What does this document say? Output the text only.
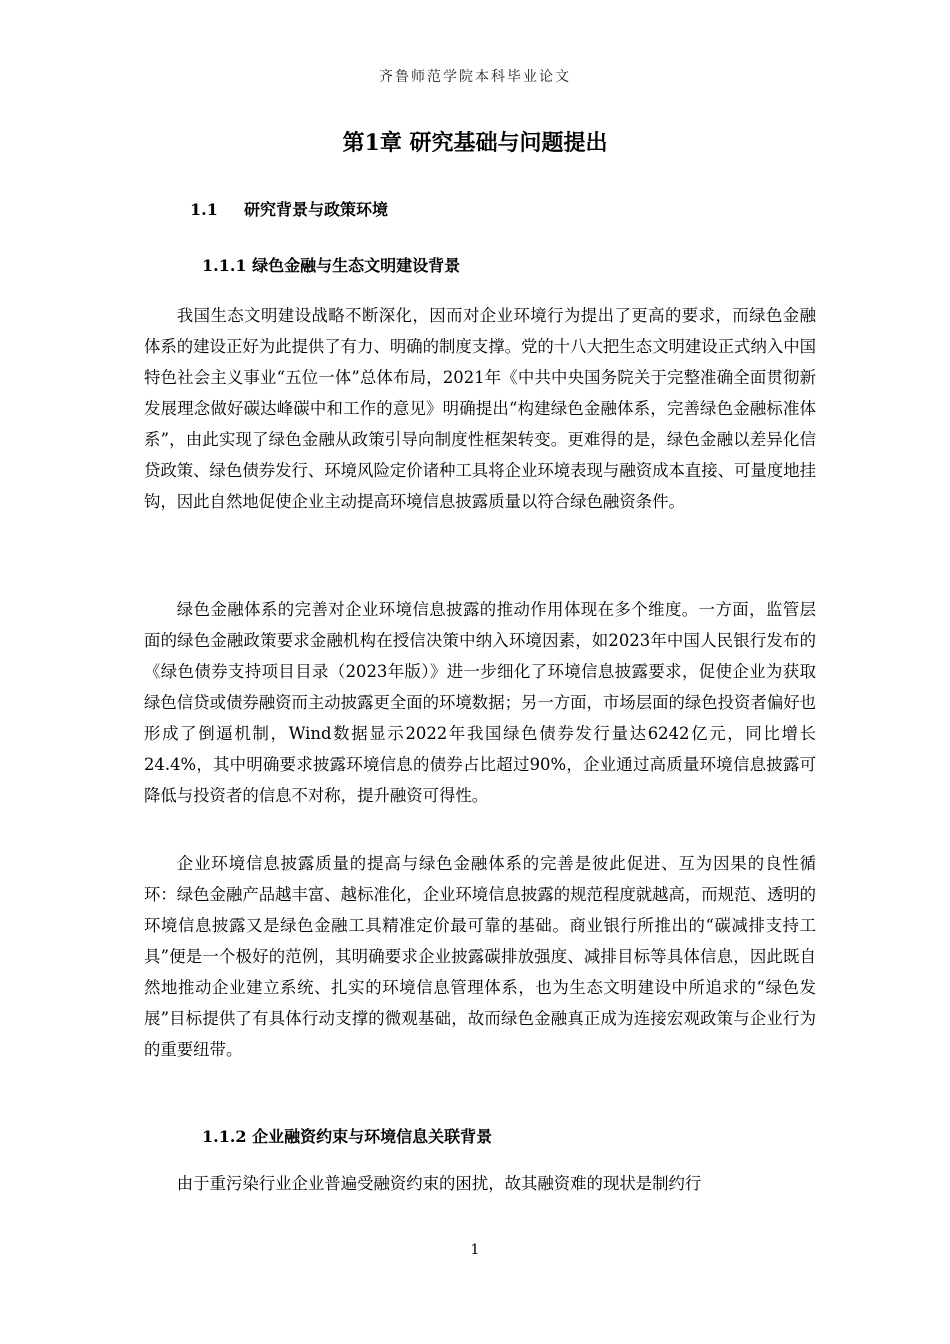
齐鲁师范学院本科毕业论文
第1章 研究基础与问题提出
1.1 研究背景与政策环境
1.1.1 绿色金融与生态文明建设背景
我国生态文明建设战略不断深化，因而对企业环境行为提出了更高的要求，而绿色金融体系的建设正好为此提供了有力、明确的制度支撑。党的十八大把生态文明建设正式纳入中国特色社会主义事业“五位一体”总体布局，2021年《中共中央国务院关于完整准确全面贯彻新发展理念做好碳达峰碳中和工作的意见》明确提出“构建绿色金融体系，完善绿色金融标准体系”，由此实现了绿色金融从政策引导向制度性框架转变。更难得的是，绿色金融以差异化信贷政策、绿色债券发行、环境风险定价诸种工具将企业环境表现与融资成本直接、可量度地挂钩，因此自然地促使企业主动提高环境信息披露质量以符合绿色融资条件。
绿色金融体系的完善对企业环境信息披露的推动作用体现在多个维度。一方面，监管层面的绿色金融政策要求金融机构在授信决策中纳入环境因素，如2023年中国人民银行发布的《绿色债券支持项目目录（2023年版）》进一步细化了环境信息披露要求，促使企业为获取绿色信贷或债券融资而主动披露更全面的环境数据；另一方面，市场层面的绿色投资者偏好也形成了倒逼机制，Wind数据显示2022年我国绿色债券发行量达6242亿元，同比增长24.4%，其中明确要求披露环境信息的债券占比超过90%，企业通过高质量环境信息披露可降低与投资者的信息不对称，提升融资可得性。
企业环境信息披露质量的提高与绿色金融体系的完善是彼此促进、互为因果的良性循环：绿色金融产品越丰富、越标准化，企业环境信息披露的规范程度就越高，而规范、透明的环境信息披露又是绿色金融工具精准定价最可靠的基础。商业银行所推出的“碳减排支持工具”便是一个极好的范例，其明确要求企业披露碳排放强度、减排目标等具体信息，因此既自然地推动企业建立系统、扎实的环境信息管理体系，也为生态文明建设中所追求的“绿色发展”目标提供了有具体行动支撑的微观基础，故而绿色金融真正成为连接宏观政策与企业行为的重要纽带。
1.1.2 企业融资约束与环境信息关联背景
由于重污染行业企业普遍受融资约束的困扰，故其融资难的现状是制约行
1
